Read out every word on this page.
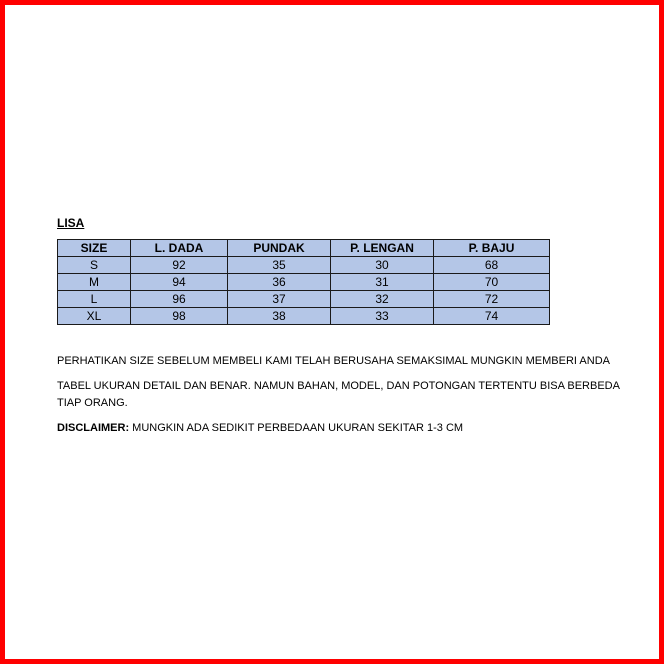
LISA
SIZE	L. DADA	PUNDAK	P. LENGAN	P. BAJU
S	92	35	30	68
M	94	36	31	70
L	96	37	32	72
XL	98	38	33	74

PERHATIKAN SIZE SEBELUM MEMBELI KAMI TELAH BERUSAHA SEMAKSIMAL MUNGKIN MEMBERI ANDA

TABEL UKURAN DETAIL DAN BENAR. NAMUN BAHAN, MODEL, DAN POTONGAN TERTENTU BISA BERBEDA TIAP ORANG.

DISCLAIMER: MUNGKIN ADA SEDIKIT PERBEDAAN UKURAN SEKITAR 1-3 CM
